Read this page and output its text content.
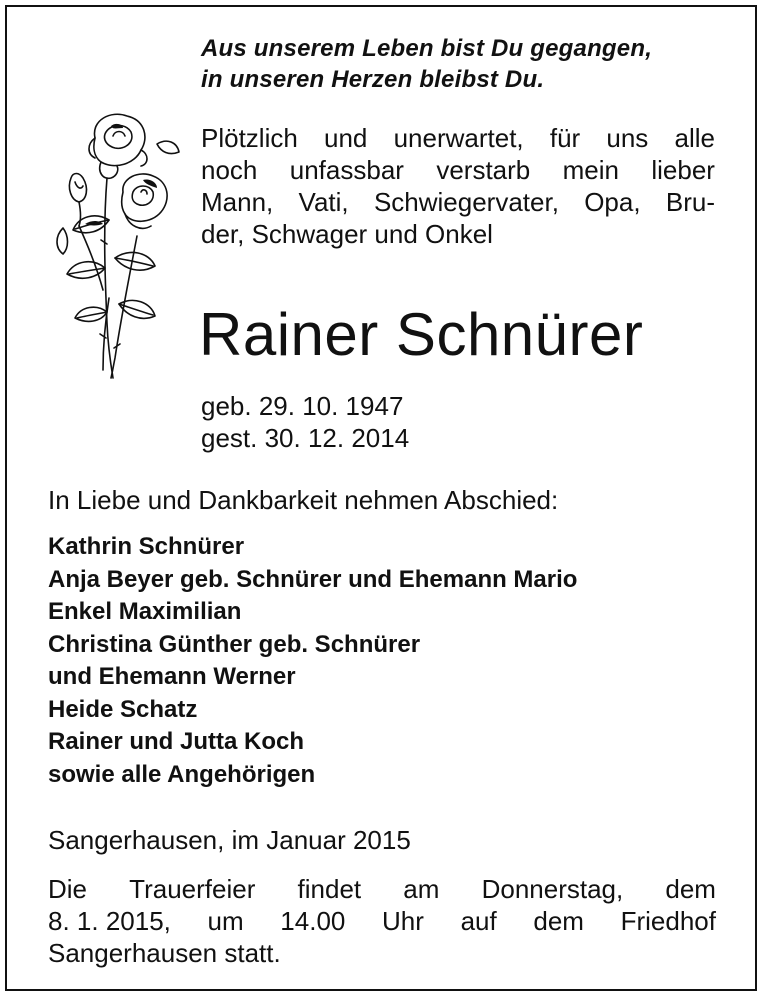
Aus unserem Leben bist Du gegangen,
in unseren Herzen bleibst Du.
Plötzlich und unerwartet, für uns alle
noch unfassbar verstarb mein lieber
Mann, Vati, Schwiegervater, Opa, Bru-
der, Schwager und Onkel
Rainer Schnürer
geb. 29. 10. 1947
gest. 30. 12. 2014
In Liebe und Dankbarkeit nehmen Abschied:
Kathrin Schnürer
Anja Beyer geb. Schnürer und Ehemann Mario
Enkel Maximilian
Christina Günther geb. Schnürer
und Ehemann Werner
Heide Schatz
Rainer und Jutta Koch
sowie alle Angehörigen
Sangerhausen, im Januar 2015
Die Trauerfeier findet am Donnerstag, dem
8. 1. 2015, um 14.00 Uhr auf dem Friedhof
Sangerhausen statt.
